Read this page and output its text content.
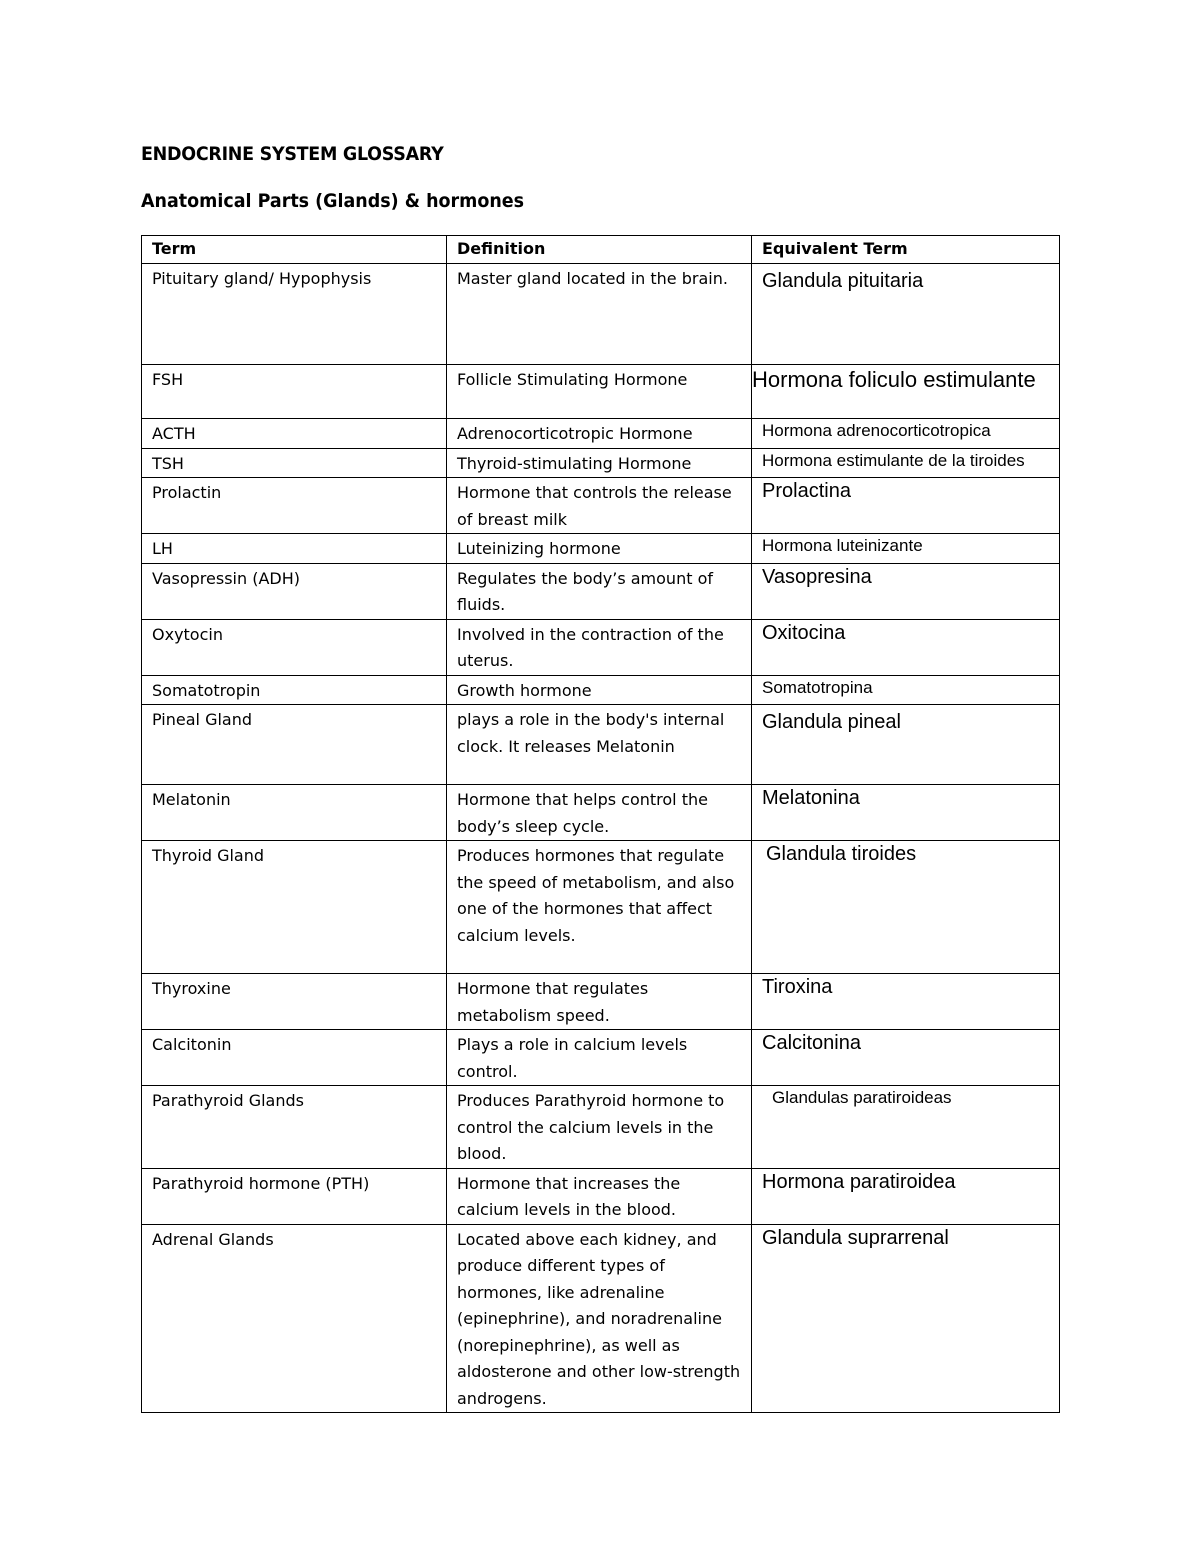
ENDOCRINE SYSTEM GLOSSARY
Anatomical Parts (Glands) & hormones
Term	Definition	Equivalent Term
Pituitary gland/ Hypophysis	Master gland located in the brain.	Glandula pituitaria
FSH	Follicle Stimulating Hormone	Hormona foliculo estimulante
ACTH	Adrenocorticotropic Hormone	Hormona adrenocorticotropica
TSH	Thyroid-stimulating Hormone	Hormona estimulante de la tiroides
Prolactin	Hormone that controls the release of breast milk	Prolactina
LH	Luteinizing hormone	Hormona luteinizante
Vasopressin (ADH)	Regulates the body’s amount of fluids.	Vasopresina
Oxytocin	Involved in the contraction of the uterus.	Oxitocina
Somatotropin	Growth hormone	Somatotropina
Pineal Gland	plays a role in the body's internal clock. It releases Melatonin	Glandula pineal
Melatonin	Hormone that helps control the body’s sleep cycle.	Melatonina
Thyroid Gland	Produces hormones that regulate the speed of metabolism, and also one of the hormones that affect calcium levels.	Glandula tiroides
Thyroxine	Hormone that regulates metabolism speed.	Tiroxina
Calcitonin	Plays a role in calcium levels control.	Calcitonina
Parathyroid Glands	Produces Parathyroid hormone to control the calcium levels in the blood.	Glandulas paratiroideas
Parathyroid hormone (PTH)	Hormone that increases the calcium levels in the blood.	Hormona paratiroidea
Adrenal Glands	Located above each kidney, and produce different types of hormones, like adrenaline (epinephrine), and noradrenaline (norepinephrine), as well as aldosterone and other low-strength androgens.	Glandula suprarrenal
